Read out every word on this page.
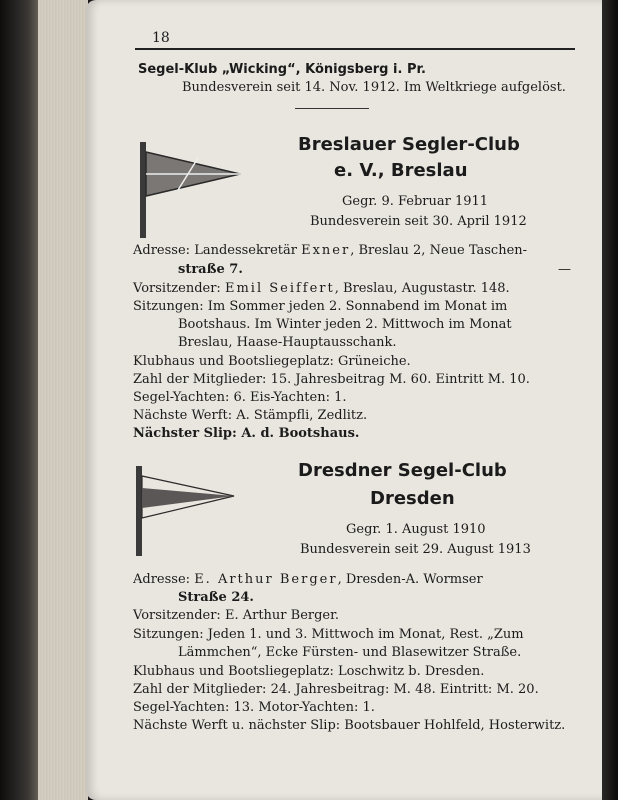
18
Segel-Klub „Wicking“, Königsberg i. Pr.
Bundesverein seit 14. Nov. 1912. Im Weltkriege aufgelöst.
Breslauer Segler-Club
e. V., Breslau
Gegr. 9. Februar 1911
Bundesverein seit 30. April 1912
Adresse: Landessekretär Exner, Breslau 2, Neue Taschen-
straße 7.	—
Vorsitzender: Emil Seiffert, Breslau, Augustastr. 148.
Sitzungen: Im Sommer jeden 2. Sonnabend im Monat im
Bootshaus. Im Winter jeden 2. Mittwoch im Monat
Breslau, Haase-Hauptausschank.
Klubhaus und Bootsliegeplatz: Grüneiche.
Zahl der Mitglieder: 15. Jahresbeitrag M. 60. Eintritt M. 10.
Segel-Yachten: 6. Eis-Yachten: 1.
Nächste Werft: A. Stämpfli, Zedlitz.
Nächster Slip: A. d. Bootshaus.
Dresdner Segel-Club
Dresden
Gegr. 1. August 1910
Bundesverein seit 29. August 1913
Adresse: E. Arthur Berger, Dresden-A. Wormser
Straße 24.
Vorsitzender: E. Arthur Berger.
Sitzungen: Jeden 1. und 3. Mittwoch im Monat, Rest. „Zum
Lämmchen“, Ecke Fürsten- und Blasewitzer Straße.
Klubhaus und Bootsliegeplatz: Loschwitz b. Dresden.
Zahl der Mitglieder: 24. Jahresbeitrag: M. 48. Eintritt: M. 20.
Segel-Yachten: 13. Motor-Yachten: 1.
Nächste Werft u. nächster Slip: Bootsbauer Hohlfeld, Hosterwitz.
